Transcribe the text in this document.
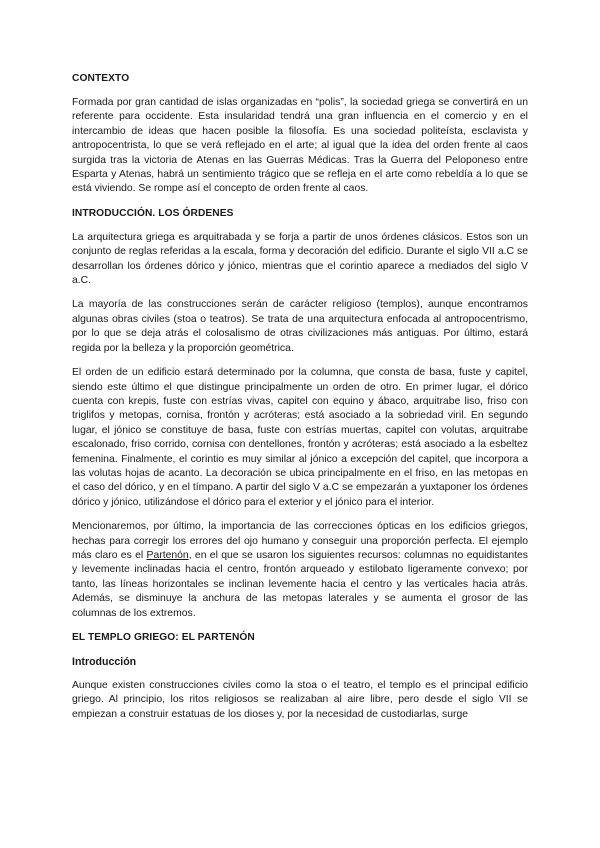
CONTEXTO

Formada por gran cantidad de islas organizadas en “polis”, la sociedad griega se convertirá en un referente para occidente. Esta insularidad tendrá una gran influencia en el comercio y en el intercambio de ideas que hacen posible la filosofía. Es una sociedad politeísta, esclavista y antropocentrista, lo que se verá reflejado en el arte; al igual que la idea del orden frente al caos surgida tras la victoria de Atenas en las Guerras Médicas. Tras la Guerra del Peloponeso entre Esparta y Atenas, habrá un sentimiento trágico que se refleja en el arte como rebeldía a lo que se está viviendo. Se rompe así el concepto de orden frente al caos.

INTRODUCCIÓN. LOS ÓRDENES

La arquitectura griega es arquitrabada y se forja a partir de unos órdenes clásicos. Estos son un conjunto de reglas referidas a la escala, forma y decoración del edificio. Durante el siglo VII a.C se desarrollan los órdenes dórico y jónico, mientras que el corintio aparece a mediados del siglo V a.C.

La mayoría de las construcciones serán de carácter religioso (templos), aunque encontramos algunas obras civiles (stoa o teatros). Se trata de una arquitectura enfocada al antropocentrismo, por lo que se deja atrás el colosalismo de otras civilizaciones más antiguas. Por último, estará regida por la belleza y la proporción geométrica.

El orden de un edificio estará determinado por la columna, que consta de basa, fuste y capitel, siendo este último el que distingue principalmente un orden de otro. En primer lugar, el dórico cuenta con krepis, fuste con estrías vivas, capitel con equino y ábaco, arquitrabe liso, friso con triglifos y metopas, cornisa, frontón y acróteras; está asociado a la sobriedad viril. En segundo lugar, el jónico se constituye de basa, fuste con estrías muertas, capitel con volutas, arquitrabe escalonado, friso corrido, cornisa con dentellones, frontón y acróteras; está asociado a la esbeltez femenina. Finalmente, el corintio es muy similar al jónico a excepción del capitel, que incorpora a las volutas hojas de acanto. La decoración se ubica principalmente en el friso, en las metopas en el caso del dórico, y en el tímpano. A partir del siglo V a.C se empezarán a yuxtaponer los órdenes dórico y jónico, utilizándose el dórico para el exterior y el jónico para el interior.

Mencionaremos, por último, la importancia de las correcciones ópticas en los edificios griegos, hechas para corregir los errores del ojo humano y conseguir una proporción perfecta. El ejemplo más claro es el Partenón, en el que se usaron los siguientes recursos: columnas no equidistantes y levemente inclinadas hacia el centro, frontón arqueado y estilobato ligeramente convexo; por tanto, las líneas horizontales se inclinan levemente hacia el centro y las verticales hacia atrás. Además, se disminuye la anchura de las metopas laterales y se aumenta el grosor de las columnas de los extremos.

EL TEMPLO GRIEGO: EL PARTENÓN
Introducción

Aunque existen construcciones civiles como la stoa o el teatro, el templo es el principal edificio griego. Al principio, los ritos religiosos se realizaban al aire libre, pero desde el siglo VII se empiezan a construir estatuas de los dioses y, por la necesidad de custodiarlas, surge
